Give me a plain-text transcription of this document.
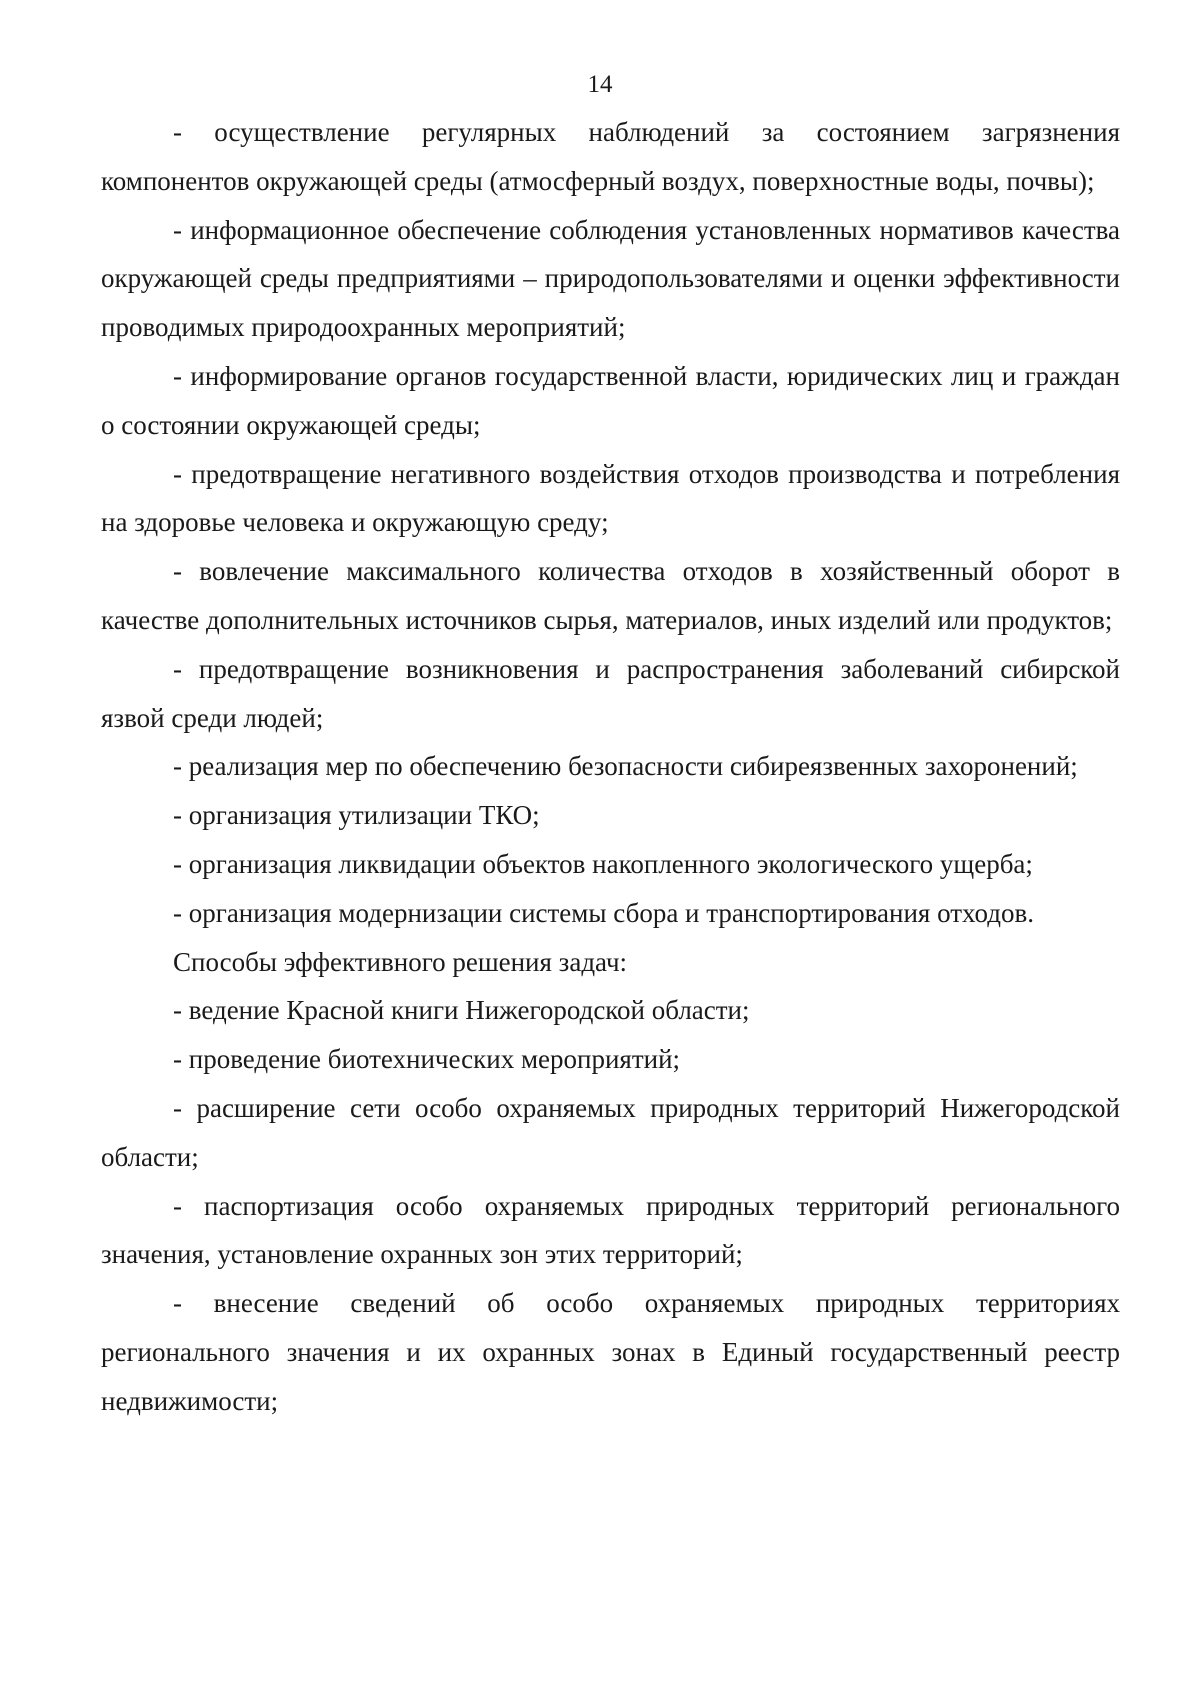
14

- осуществление регулярных наблюдений за состоянием загрязнения компонентов окружающей среды (атмосферный воздух, поверхностные воды, почвы);

- информационное обеспечение соблюдения установленных нормативов качества окружающей среды предприятиями – природопользователями и оценки эффективности проводимых природоохранных мероприятий;

- информирование органов государственной власти, юридических лиц и граждан о состоянии окружающей среды;

- предотвращение негативного воздействия отходов производства и потребления на здоровье человека и окружающую среду;

- вовлечение максимального количества отходов в хозяйственный оборот в качестве дополнительных источников сырья, материалов, иных изделий или продуктов;

- предотвращение возникновения и распространения заболеваний сибирской язвой среди людей;

- реализация мер по обеспечению безопасности сибиреязвенных захоронений;

- организация утилизации ТКО;

- организация ликвидации объектов накопленного экологического ущерба;

- организация модернизации системы сбора и транспортирования отходов.

Способы эффективного решения задач:

- ведение Красной книги Нижегородской области;

- проведение биотехнических мероприятий;

- расширение сети особо охраняемых природных территорий Нижегородской области;

- паспортизация особо охраняемых природных территорий регионального значения, установление охранных зон этих территорий;

- внесение сведений об особо охраняемых природных территориях регионального значения и их охранных зонах в Единый государственный реестр недвижимости;
